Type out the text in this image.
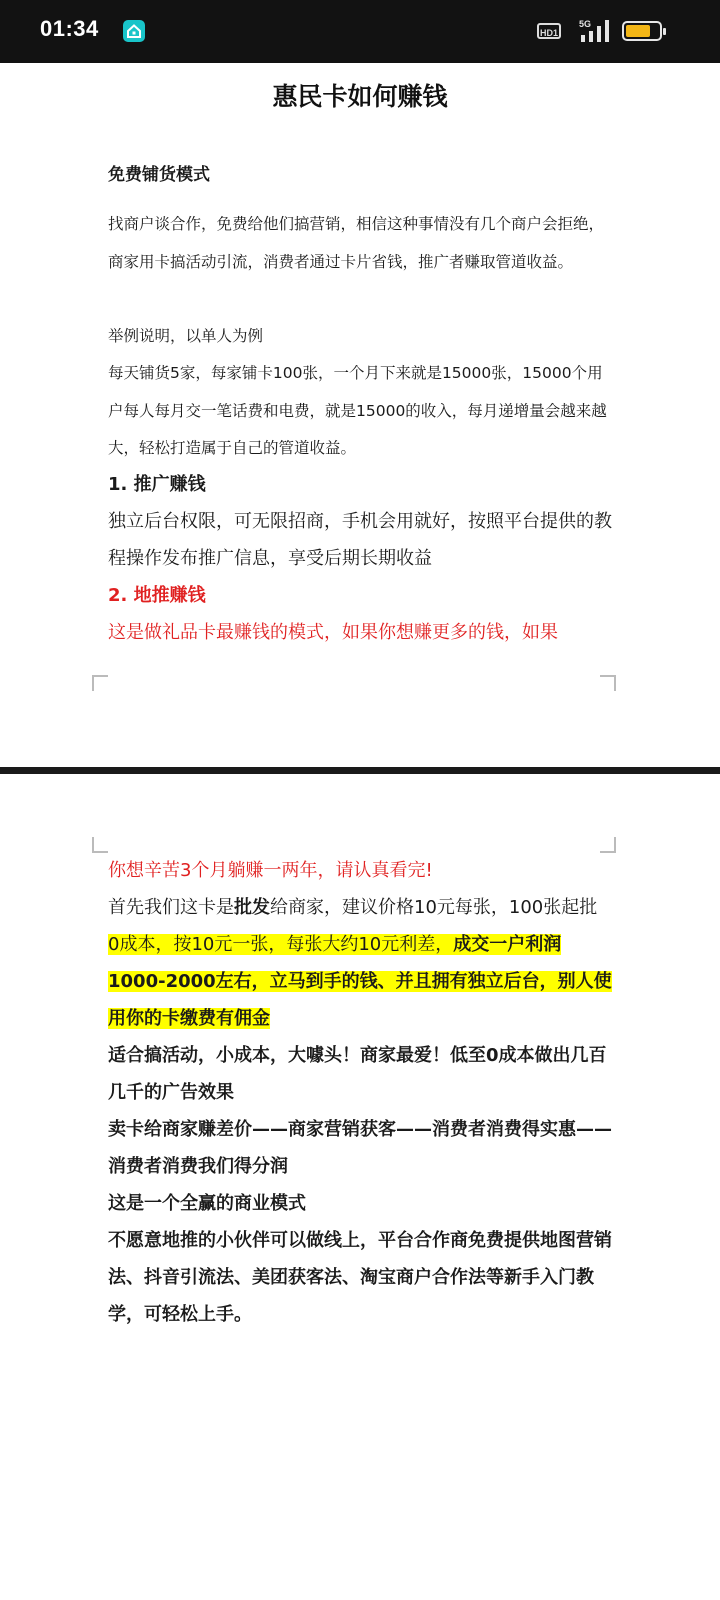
01:34	HD1
5G
惠民卡如何赚钱
免费铺货模式
找商户谈合作，免费给他们搞营销，相信这种事情没有几个商户会拒绝，商家用卡搞活动引流，消费者通过卡片省钱，推广者赚取管道收益。
举例说明，以单人为例
每天铺货5家，每家铺卡100张，一个月下来就是15000张，15000个用户每人每月交一笔话费和电费，就是15000的收入，每月递增量会越来越大，轻松打造属于自己的管道收益。
1. 推广赚钱
独立后台权限，可无限招商，手机会用就好，按照平台提供的教程操作发布推广信息，享受后期长期收益
2. 地推赚钱
这是做礼品卡最赚钱的模式，如果你想赚更多的钱，如果
你想辛苦3个月躺赚一两年，请认真看完!
首先我们这卡是批发给商家，建议价格10元每张，100张起批
0成本，按10元一张，每张大约10元利差，成交一户利润1000-2000左右，立马到手的钱、并且拥有独立后台，别人使用你的卡缴费有佣金
适合搞活动，小成本，大噱头！商家最爱！低至0成本做出几百几千的广告效果
卖卡给商家赚差价——商家营销获客——消费者消费得实惠——消费者消费我们得分润
这是一个全赢的商业模式
不愿意地推的小伙伴可以做线上，平台合作商免费提供地图营销法、抖音引流法、美团获客法、淘宝商户合作法等新手入门教学，可轻松上手。
